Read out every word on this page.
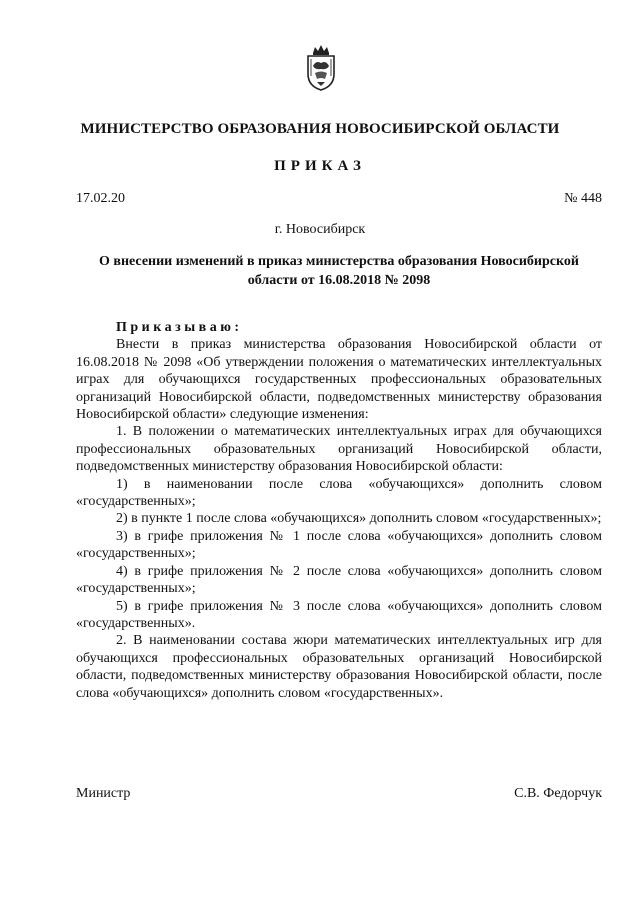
МИНИСТЕРСТВО ОБРАЗОВАНИЯ НОВОСИБИРСКОЙ ОБЛАСТИ
ПРИКАЗ
17.02.20	№ 448
г. Новосибирск
О внесении изменений в приказ министерства образования Новосибирской области от 16.08.2018 № 2098

Приказываю:

Внести в приказ министерства образования Новосибирской области от 16.08.2018 № 2098 «Об утверждении положения о математических интеллектуальных играх для обучающихся государственных профессиональных образовательных организаций Новосибирской области, подведомственных министерству образования Новосибирской области» следующие изменения:

1. В положении о математических интеллектуальных играх для обучающихся профессиональных образовательных организаций Новосибирской области, подведомственных министерству образования Новосибирской области:

1) в наименовании после слова «обучающихся» дополнить словом «государственных»;

2) в пункте 1 после слова «обучающихся» дополнить словом «государственных»;

3) в грифе приложения № 1 после слова «обучающихся» дополнить словом «государственных»;

4) в грифе приложения № 2 после слова «обучающихся» дополнить словом «государственных»;

5) в грифе приложения № 3 после слова «обучающихся» дополнить словом «государственных».

2. В наименовании состава жюри математических интеллектуальных игр для обучающихся профессиональных образовательных организаций Новосибирской области, подведомственных министерству образования Новосибирской области, после слова «обучающихся» дополнить словом «государственных».

Министр	С.В. Федорчук
